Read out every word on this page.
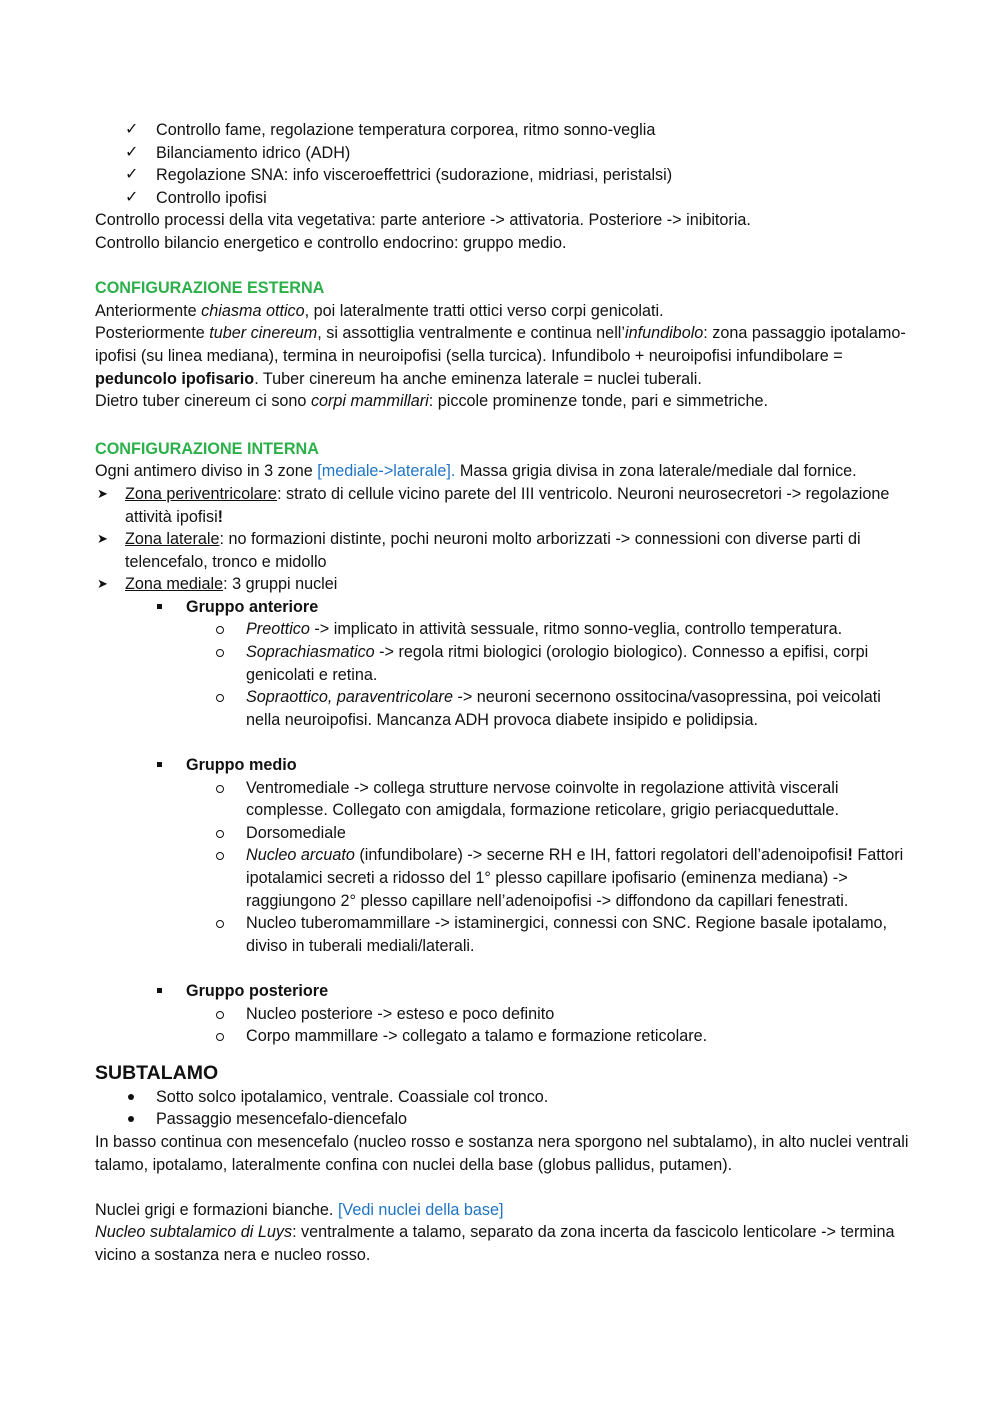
✓ Controllo fame, regolazione temperatura corporea, ritmo sonno-veglia

✓ Bilanciamento idrico (ADH)

✓ Regolazione SNA: info visceroeffettrici (sudorazione, midriasi, peristalsi)

✓ Controllo ipofisi

Controllo processi della vita vegetativa: parte anteriore -> attivatoria. Posteriore -> inibitoria.

Controllo bilancio energetico e controllo endocrino: gruppo medio.

CONFIGURAZIONE ESTERNA

Anteriormente chiasma ottico, poi lateralmente tratti ottici verso corpi genicolati.

Posteriormente tuber cinereum, si assottiglia ventralmente e continua nell’infundibolo: zona passaggio ipotalamo-ipofisi (su linea mediana), termina in neuroipofisi (sella turcica). Infundibolo + neuroipofisi infundibolare = peduncolo ipofisario. Tuber cinereum ha anche eminenza laterale = nuclei tuberali.

Dietro tuber cinereum ci sono corpi mammillari: piccole prominenze tonde, pari e simmetriche.

CONFIGURAZIONE INTERNA

Ogni antimero diviso in 3 zone [mediale->laterale]. Massa grigia divisa in zona laterale/mediale dal fornice.

➤ Zona periventricolare: strato di cellule vicino parete del III ventricolo. Neuroni neurosecretori -> regolazione attività ipofisi!

➤ Zona laterale: no formazioni distinte, pochi neuroni molto arborizzati -> connessioni con diverse parti di telencefalo, tronco e midollo

➤ Zona mediale: 3 gruppi nuclei

Gruppo anteriore

Preottico -> implicato in attività sessuale, ritmo sonno-veglia, controllo temperatura.

Soprachiasmatico -> regola ritmi biologici (orologio biologico). Connesso a epifisi, corpi genicolati e retina.

Sopraottico, paraventricolare -> neuroni secernono ossitocina/vasopressina, poi veicolati nella neuroipofisi. Mancanza ADH provoca diabete insipido e polidipsia.

Gruppo medio

Ventromediale -> collega strutture nervose coinvolte in regolazione attività viscerali complesse. Collegato con amigdala, formazione reticolare, grigio periacqueduttale.

Dorsomediale

Nucleo arcuato (infundibolare) -> secerne RH e IH, fattori regolatori dell’adenoipofisi! Fattori ipotalamici secreti a ridosso del 1° plesso capillare ipofisario (eminenza mediana) -> raggiungono 2° plesso capillare nell’adenoipofisi -> diffondono da capillari fenestrati.

Nucleo tuberomammillare -> istaminergici, connessi con SNC. Regione basale ipotalamo, diviso in tuberali mediali/laterali.

Gruppo posteriore

Nucleo posteriore -> esteso e poco definito

Corpo mammillare -> collegato a talamo e formazione reticolare.

SUBTALAMO

Sotto solco ipotalamico, ventrale. Coassiale col tronco.

Passaggio mesencefalo-diencefalo

In basso continua con mesencefalo (nucleo rosso e sostanza nera sporgono nel subtalamo), in alto nuclei ventrali talamo, ipotalamo, lateralmente confina con nuclei della base (globus pallidus, putamen).

Nuclei grigi e formazioni bianche. [Vedi nuclei della base]

Nucleo subtalamico di Luys: ventralmente a talamo, separato da zona incerta da fascicolo lenticolare -> termina vicino a sostanza nera e nucleo rosso.
